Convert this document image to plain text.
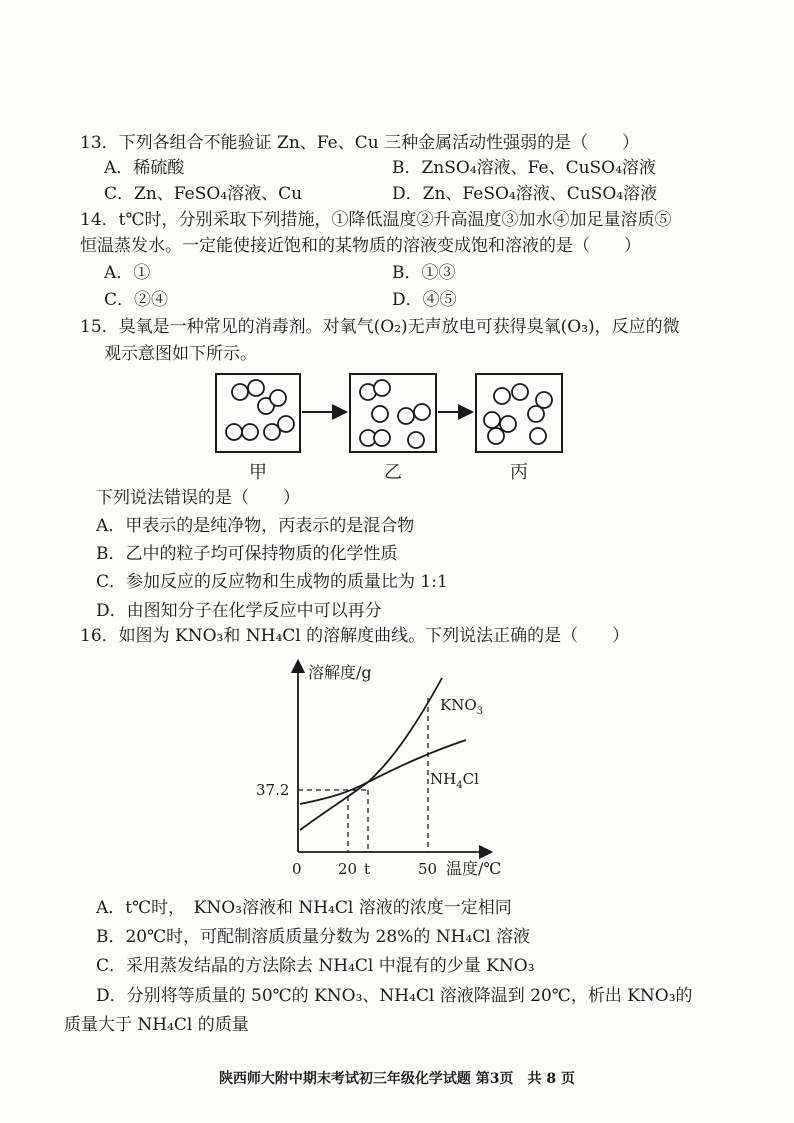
13．下列各组合不能验证 Zn、Fe、Cu 三种金属活动性强弱的是（　　）
A．稀硫酸	B．ZnSO₄溶液、Fe、CuSO₄溶液
C．Zn、FeSO₄溶液、Cu	D．Zn、FeSO₄溶液、CuSO₄溶液
14．t℃时，分别采取下列措施，①降低温度②升高温度③加水④加足量溶质⑤
恒温蒸发水。一定能使接近饱和的某物质的溶液变成饱和溶液的是（　　）
A．①	B．①③
C．②④	D．④⑤
15．臭氧是一种常见的消毒剂。对氧气(O₂)无声放电可获得臭氧(O₃)，反应的微
观示意图如下所示。
甲	乙	丙
下列说法错误的是（　　）
A．甲表示的是纯净物，丙表示的是混合物
B．乙中的粒子均可保持物质的化学性质
C．参加反应的反应物和生成物的质量比为 1:1
D．由图知分子在化学反应中可以再分
16．如图为 KNO₃和 NH₄Cl 的溶解度曲线。下列说法正确的是（　　）
溶解度/g
温度/℃
37.2
0 20 t	50
$KNO_3$
$NH_4Cl$
A．t℃时，　KNO₃溶液和 NH₄Cl 溶液的浓度一定相同
B．20℃时，可配制溶质质量分数为 28%的 NH₄Cl 溶液
C．采用蒸发结晶的方法除去 NH₄Cl 中混有的少量 KNO₃
D．分别将等质量的 50℃的 KNO₃、NH₄Cl 溶液降温到 20℃，析出 KNO₃的
质量大于 NH₄Cl 的质量
陕西师大附中期末考试初三年级化学试题 第3页　共 8 页
